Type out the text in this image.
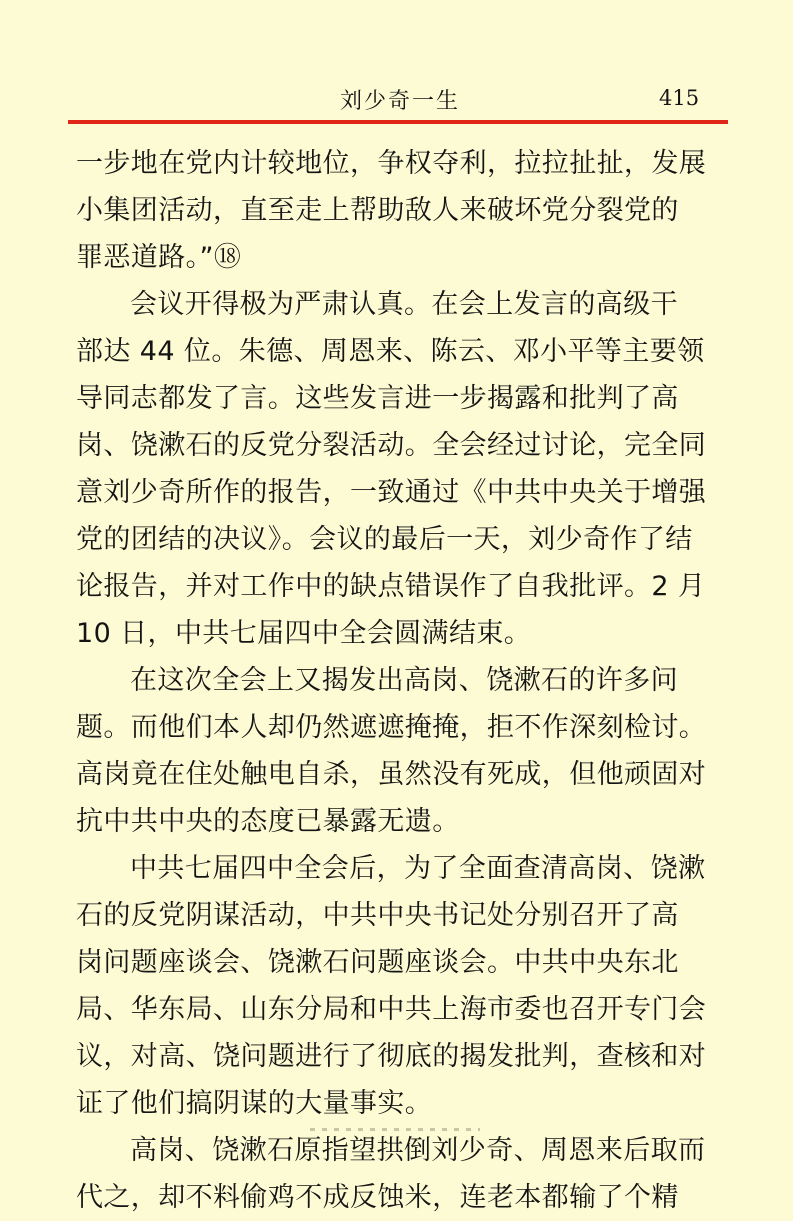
刘少奇一生	415
一步地在党内计较地位，争权夺利，拉拉扯扯，发展
小集团活动，直至走上帮助敌人来破坏党分裂党的
罪恶道路。”⑱
会议开得极为严肃认真。在会上发言的高级干
部达 44 位。朱德、周恩来、陈云、邓小平等主要领
导同志都发了言。这些发言进一步揭露和批判了高
岗、饶漱石的反党分裂活动。全会经过讨论，完全同
意刘少奇所作的报告，一致通过《中共中央关于增强
党的团结的决议》。会议的最后一天，刘少奇作了结
论报告，并对工作中的缺点错误作了自我批评。2 月
10 日，中共七届四中全会圆满结束。
在这次全会上又揭发出高岗、饶漱石的许多问
题。而他们本人却仍然遮遮掩掩，拒不作深刻检讨。
高岗竟在住处触电自杀，虽然没有死成，但他顽固对
抗中共中央的态度已暴露无遗。
中共七届四中全会后，为了全面查清高岗、饶漱
石的反党阴谋活动，中共中央书记处分别召开了高
岗问题座谈会、饶漱石问题座谈会。中共中央东北
局、华东局、山东分局和中共上海市委也召开专门会
议，对高、饶问题进行了彻底的揭发批判，查核和对
证了他们搞阴谋的大量事实。
高岗、饶漱石原指望拱倒刘少奇、周恩来后取而
代之，却不料偷鸡不成反蚀米，连老本都输了个精
